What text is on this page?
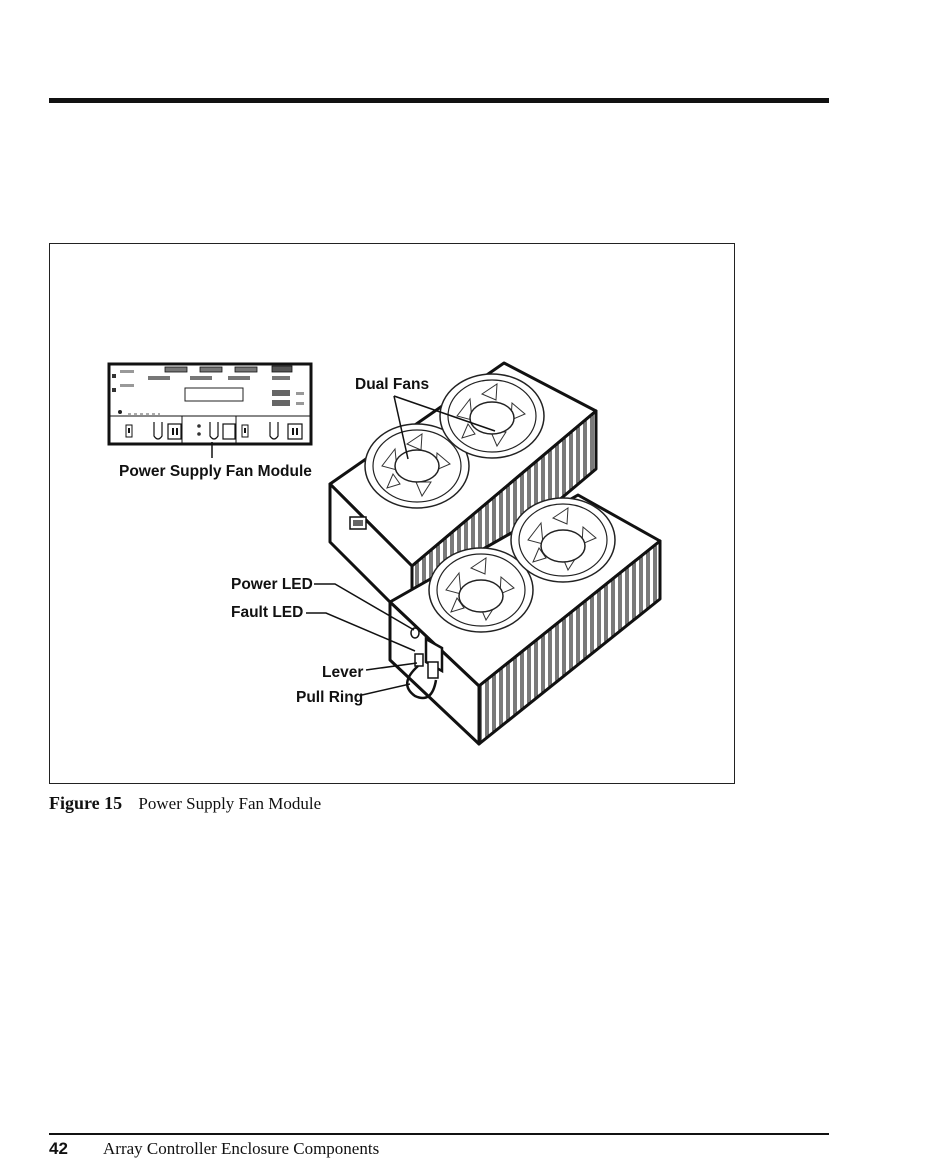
Dual Fans
Power Supply Fan Module
Power LED
Fault LED
Lever
Pull Ring
Figure 15 Power Supply Fan Module
42 Array Controller Enclosure Components
